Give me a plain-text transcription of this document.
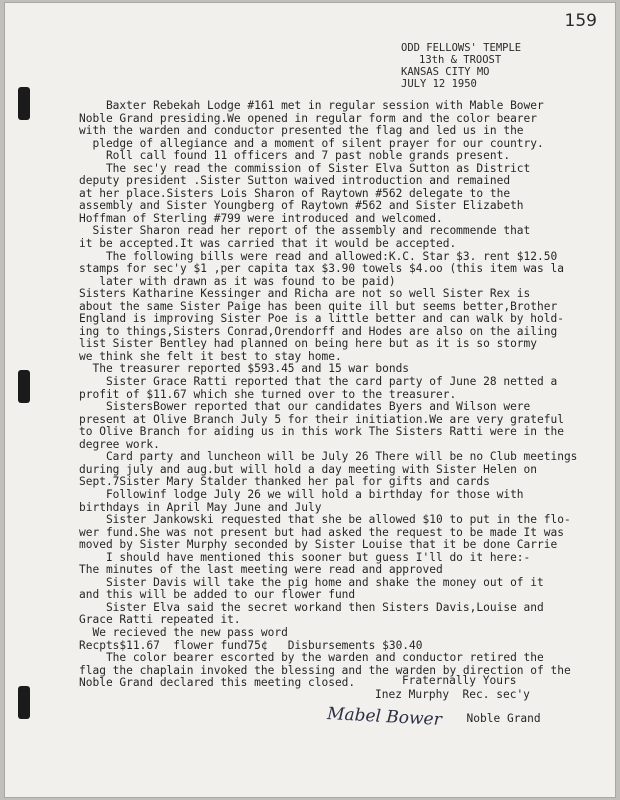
159
ODD FELLOWS' TEMPLE
13th & TROOST
KANSAS CITY MO
JULY 12 1950
Baxter Rebekah Lodge #161 met in regular session with Mable Bower
Noble Grand presiding.We opened in regular form and the color bearer
with the warden and conductor presented the flag and led us in the
pledge of allegiance and a moment of silent prayer for our country.
Roll call found 11 officers and 7 past noble grands present.
The sec'y read the commission of Sister Elva Sutton as District
deputy president .Sister Sutton waived introduction and remained
at her place.Sisters Lois Sharon of Raytown #562 delegate to the
assembly and Sister Youngberg of Raytown #562 and Sister Elizabeth
Hoffman of Sterling #799 were introduced and welcomed.
Sister Sharon read her report of the assembly and recommende that
it be accepted.It was carried that it would be accepted.
The following bills were read and allowed:K.C. Star $3. rent $12.50
stamps for sec'y $1 ,per capita tax $3.90 towels $4.oo (this item was la
later with drawn as it was found to be paid)
Sisters Katharine Kessinger and Richa are not so well Sister Rex is
about the same Sister Paige has been quite ill but seems better,Brother
England is improving Sister Poe is a little better and can walk by hold-
ing to things,Sisters Conrad,Orendorff and Hodes are also on the ailing
list Sister Bentley had planned on being here but as it is so stormy
we think she felt it best to stay home.
The treasurer reported $593.45 and 15 war bonds
Sister Grace Ratti reported that the card party of June 28 netted a
profit of $11.67 which she turned over to the treasurer.
SistersBower reported that our candidates Byers and Wilson were
present at Olive Branch July 5 for their initiation.We are very grateful
to Olive Branch for aiding us in this work The Sisters Ratti were in the
degree work.
Card party and luncheon will be July 26 There will be no Club meetings
during july and aug.but will hold a day meeting with Sister Helen on
Sept.7Sister Mary Stalder thanked her pal for gifts and cards
Followinf lodge July 26 we will hold a birthday for those with
birthdays in April May June and July
Sister Jankowski requested that she be allowed $10 to put in the flo-
wer fund.She was not present but had asked the request to be made It was
moved by Sister Murphy seconded by Sister Louise that it be done Carrie
I should have mentioned this sooner but guess I'll do it here:-
The minutes of the last meeting were read and approved
Sister Davis will take the pig home and shake the money out of it
and this will be added to our flower fund
Sister Elva said the secret workand then Sisters Davis,Louise and
Grace Ratti repeated it.
We recieved the new pass word
Recpts$11.67  flower fund75¢   Disbursements $30.40
The color bearer escorted by the warden and conductor retired the
flag the chaplain invoked the blessing and the warden by direction of the
Noble Grand declared this meeting closed.	Fraternally Yours
Inez Murphy  Rec. sec'y
Mabel Bower Noble Grand
